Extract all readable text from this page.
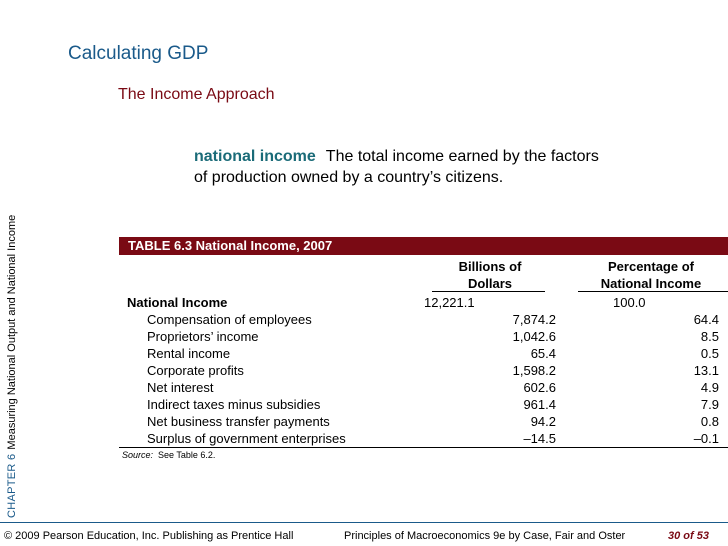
CHAPTER 6Measuring National Output and National Income
Calculating GDP
The Income Approach
national income The total income earned by the factors of production owned by a country’s citizens.
TABLE 6.3 National Income, 2007
Billions of Dollars
Percentage of National Income
National Income	12,221.1	100.0
Compensation of employees	7,874.2	64.4
Proprietors’ income	1,042.6	8.5
Rental income	65.4	0.5
Corporate profits	1,598.2	13.1
Net interest	602.6	4.9
Indirect taxes minus subsidies	961.4	7.9
Net business transfer payments	94.2	0.8
Surplus of government enterprises	–14.5	–0.1
Source: See Table 6.2.
© 2009 Pearson Education, Inc. Publishing as Prentice Hall	Principles of Macroeconomics 9e by Case, Fair and Oster	30 of 53
